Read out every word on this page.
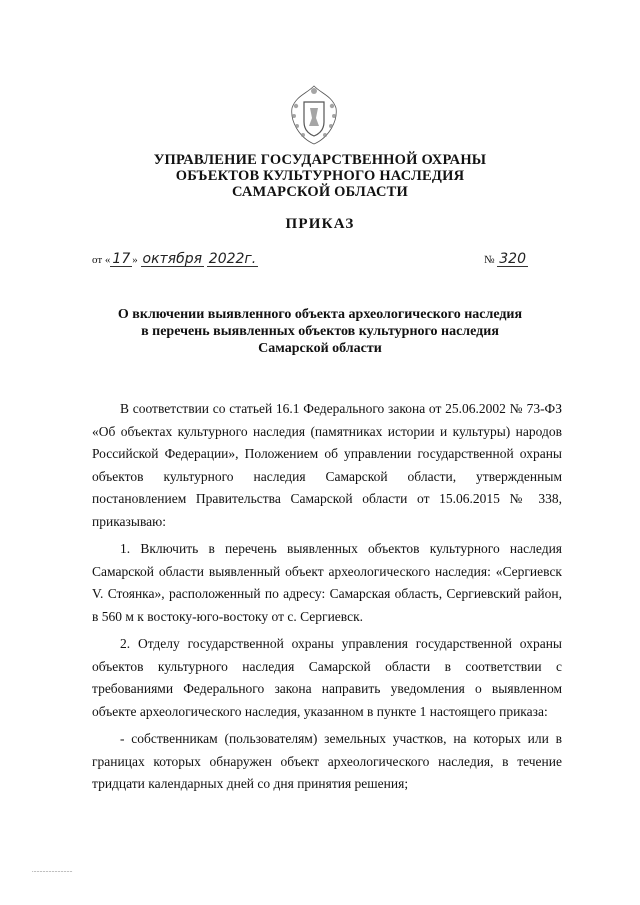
УПРАВЛЕНИЕ ГОСУДАРСТВЕННОЙ ОХРАНЫ
ОБЪЕКТОВ КУЛЬТУРНОГО НАСЛЕДИЯ
САМАРСКОЙ ОБЛАСТИ
ПРИКАЗ
от « 17 » октября 2022г.	№ 320
О включении выявленного объекта археологического наследия
в перечень выявленных объектов культурного наследия
Самарской области

В соответствии со статьей 16.1 Федерального закона от 25.06.2002 № 73-ФЗ «Об объектах культурного наследия (памятниках истории и культуры) народов Российской Федерации», Положением об управлении государственной охраны объектов культурного наследия Самарской области, утвержденным постановлением Правительства Самарской области от 15.06.2015 № 338, приказываю:

1. Включить в перечень выявленных объектов культурного наследия Самарской области выявленный объект археологического наследия: «Сергиевск V. Стоянка», расположенный по адресу: Самарская область, Сергиевский район, в 560 м к востоку-юго-востоку от с. Сергиевск.

2. Отделу государственной охраны управления государственной охраны объектов культурного наследия Самарской области в соответствии с требованиями Федерального закона направить уведомления о выявленном объекте археологического наследия, указанном в пункте 1 настоящего приказа:

- собственникам (пользователям) земельных участков, на которых или в границах которых обнаружен объект археологического наследия, в течение тридцати календарных дней со дня принятия решения;

...........................
